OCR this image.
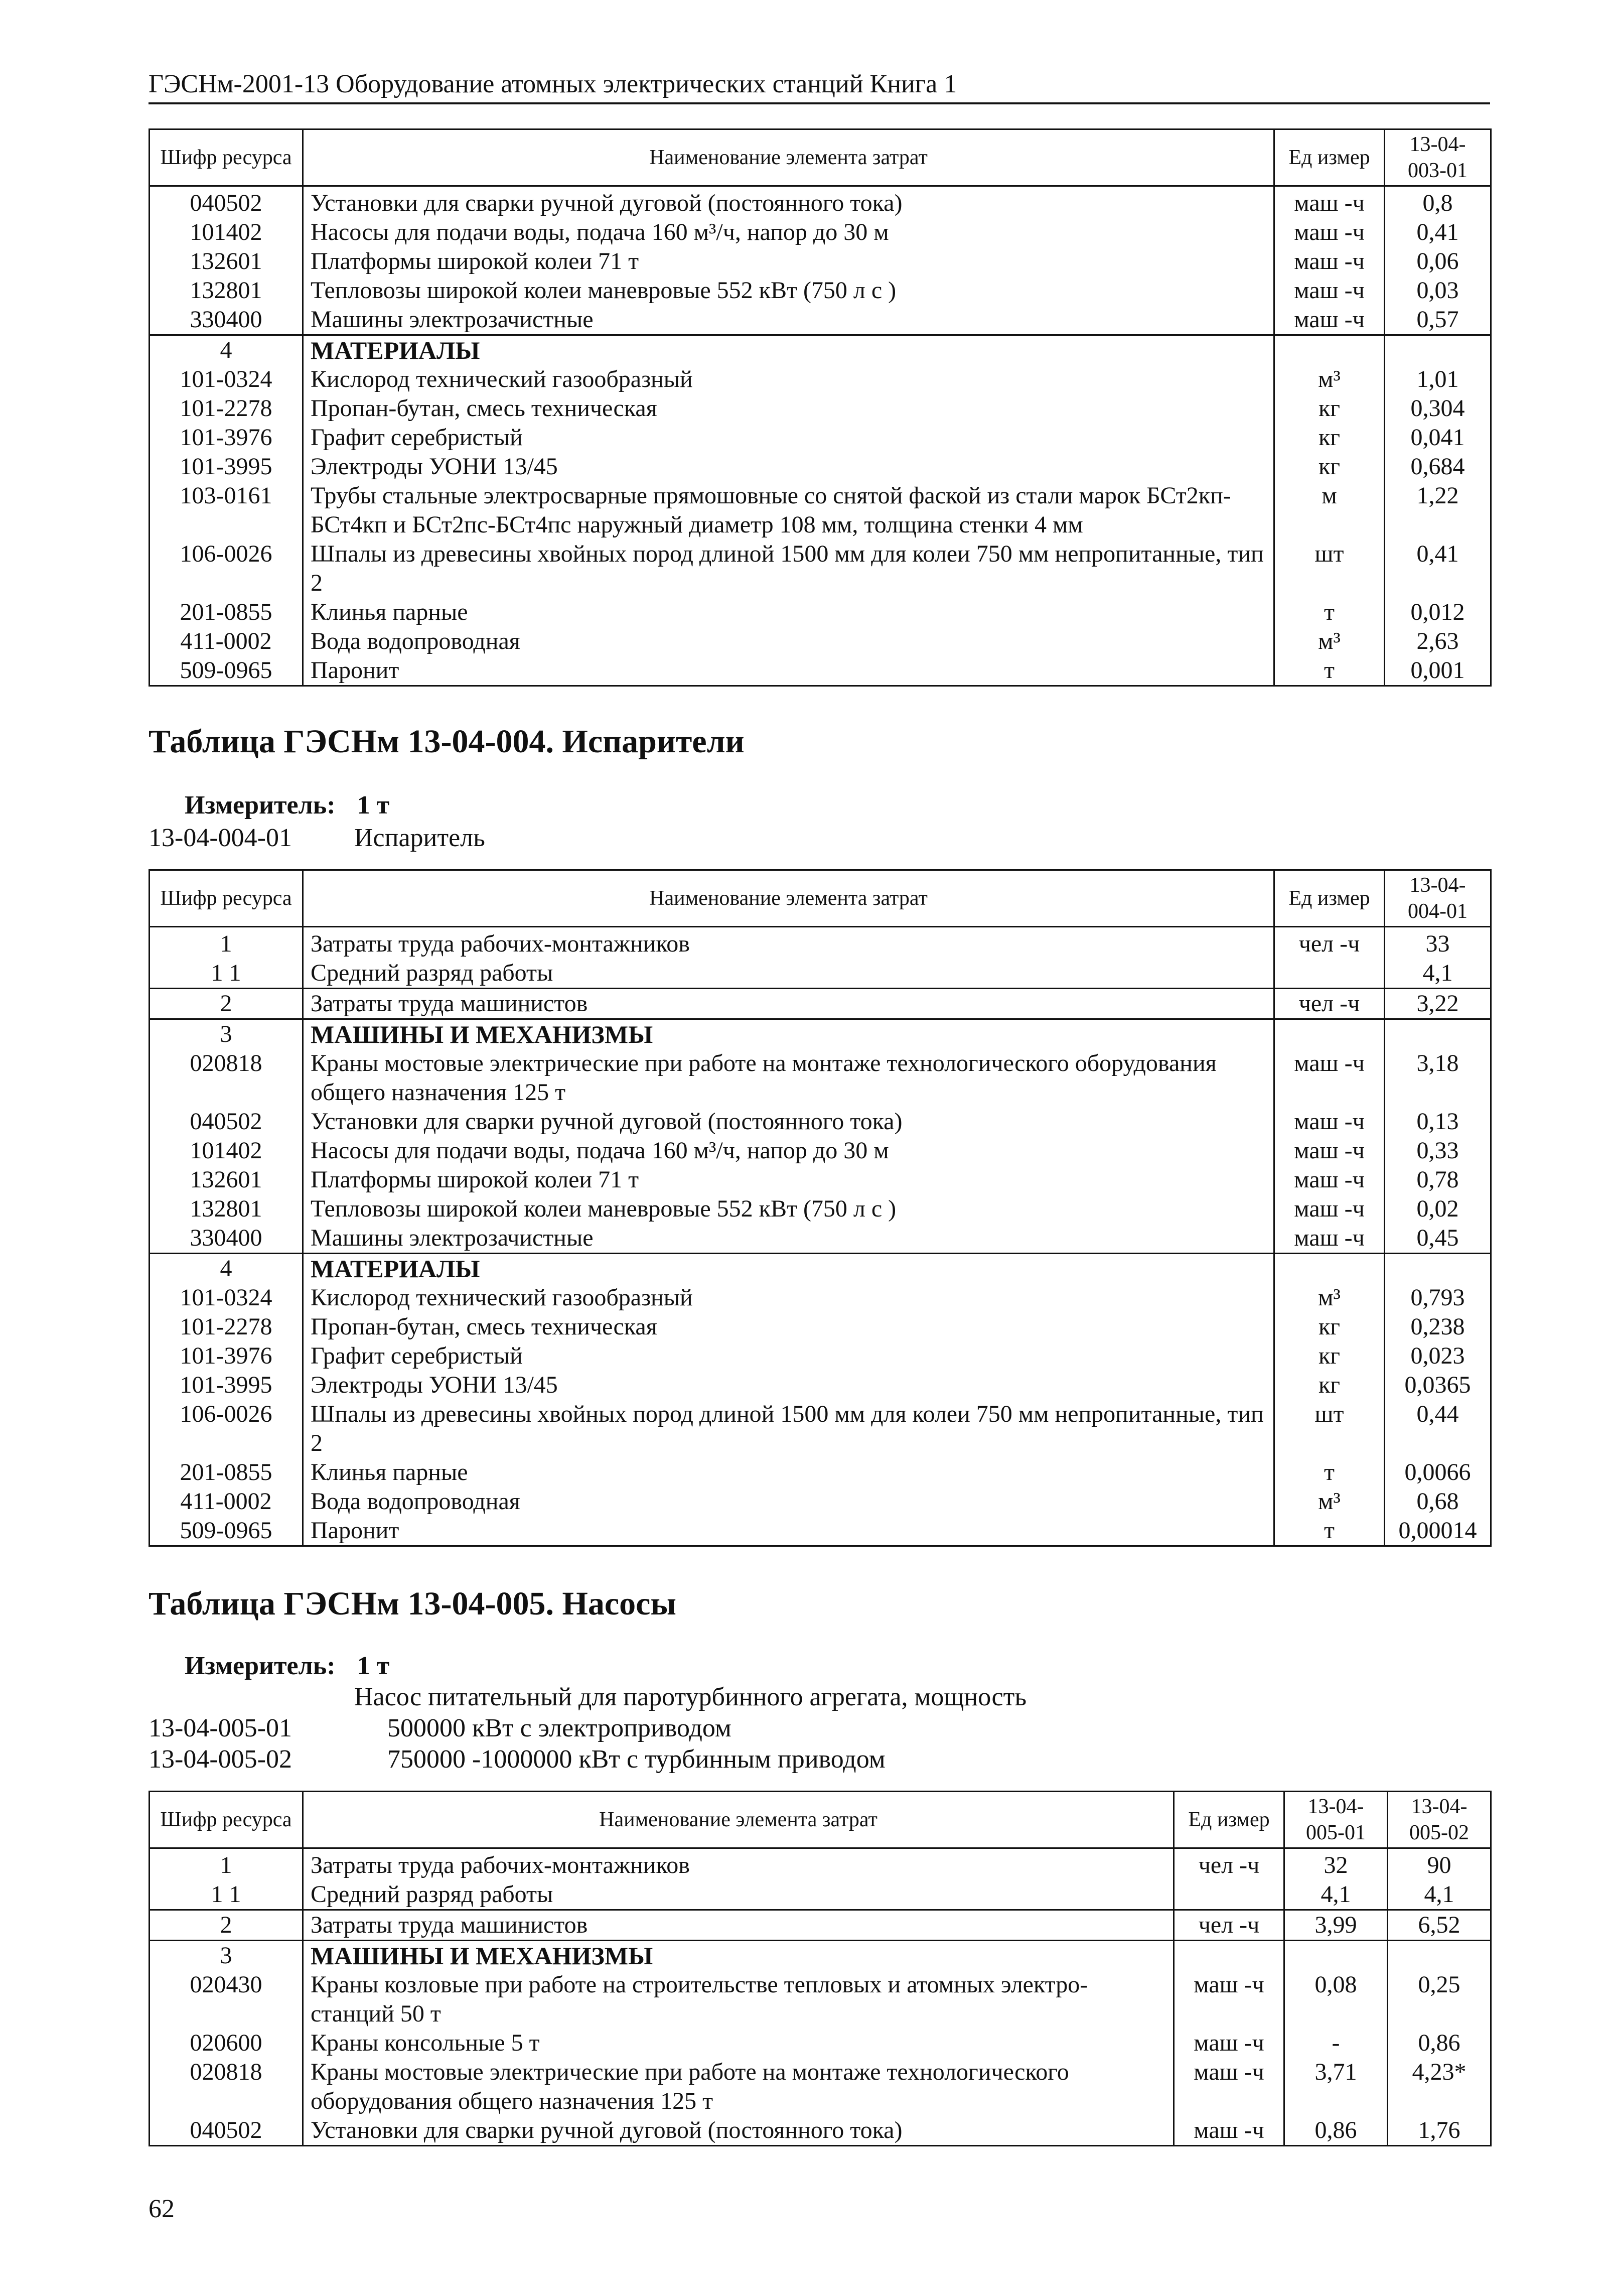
ГЭСНм-2001-13 Оборудование атомных электрических станций Книга 1
Шифр ресурса	Наименование элемента затрат	Ед измер	13-04-003-01

040502	Установки для сварки ручной дуговой (постоянного тока)	маш -ч	0,8
101402	Насосы для подачи воды, подача 160 м³/ч, напор до 30 м	маш -ч	0,41
132601	Платформы широкой колеи 71 т	маш -ч	0,06
132801	Тепловозы широкой колеи маневровые 552 кВт (750 л с )	маш -ч	0,03
330400	Машины электрозачистные	маш -ч	0,57
4	МАТЕРИАЛЫ		
101-0324	Кислород технический газообразный	м³	1,01
101-2278	Пропан-бутан, смесь техническая	кг	0,304
101-3976	Графит серебристый	кг	0,041
101-3995	Электроды УОНИ 13/45	кг	0,684
103-0161	Трубы стальные электросварные прямошовные со снятой фаской из стали марок БСт2кп-БСт4кп и БСт2пс-БСт4пс наружный диаметр 108 мм, толщина стенки 4 мм	м	1,22
106-0026	Шпалы из древесины хвойных пород длиной 1500 мм для колеи 750 мм непропитанные, тип 2	шт	0,41
201-0855	Клинья парные	т	0,012
411-0002	Вода водопроводная	м³	2,63
509-0965	Паронит	т	0,001
Таблица ГЭСНм 13-04-004. Испарители
Измеритель: 1 т
13-04-004-01 Испаритель
Шифр ресурса	Наименование элемента затрат	Ед измер	13-04-004-01

1	Затраты труда рабочих-монтажников	чел -ч	33
1 1	Средний разряд работы		4,1
2	Затраты труда машинистов	чел -ч	3,22
3	МАШИНЫ И МЕХАНИЗМЫ		
020818	Краны мостовые электрические при работе на монтаже технологического оборудования общего назначения 125 т	маш -ч	3,18
040502	Установки для сварки ручной дуговой (постоянного тока)	маш -ч	0,13
101402	Насосы для подачи воды, подача 160 м³/ч, напор до 30 м	маш -ч	0,33
132601	Платформы широкой колеи 71 т	маш -ч	0,78
132801	Тепловозы широкой колеи маневровые 552 кВт (750 л с )	маш -ч	0,02
330400	Машины электрозачистные	маш -ч	0,45
4	МАТЕРИАЛЫ		
101-0324	Кислород технический газообразный	м³	0,793
101-2278	Пропан-бутан, смесь техническая	кг	0,238
101-3976	Графит серебристый	кг	0,023
101-3995	Электроды УОНИ 13/45	кг	0,0365
106-0026	Шпалы из древесины хвойных пород длиной 1500 мм для колеи 750 мм непропитанные, тип 2	шт	0,44
201-0855	Клинья парные	т	0,0066
411-0002	Вода водопроводная	м³	0,68
509-0965	Паронит	т	0,00014
Таблица ГЭСНм 13-04-005. Насосы
Измеритель: 1 т
Насос питательный для паротурбинного агрегата, мощность
13-04-005-01	500000 кВт с электроприводом
13-04-005-02	750000 -1000000 кВт с турбинным приводом
Шифр ресурса	Наименование элемента затрат	Ед измер	13-04-005-01	13-04-005-02

1	Затраты труда рабочих-монтажников	чел -ч	32	90
1 1	Средний разряд работы		4,1	4,1
2	Затраты труда машинистов	чел -ч	3,99	6,52
3	МАШИНЫ И МЕХАНИЗМЫ			
020430	Краны козловые при работе на строительстве тепловых и атомных электро- станций 50 т	маш -ч	0,08	0,25
020600	Краны консольные 5 т	маш -ч	-	0,86
020818	Краны мостовые электрические при работе на монтаже технологического оборудования общего назначения 125 т	маш -ч	3,71	4,23*
040502	Установки для сварки ручной дуговой (постоянного тока)	маш -ч	0,86	1,76
62
